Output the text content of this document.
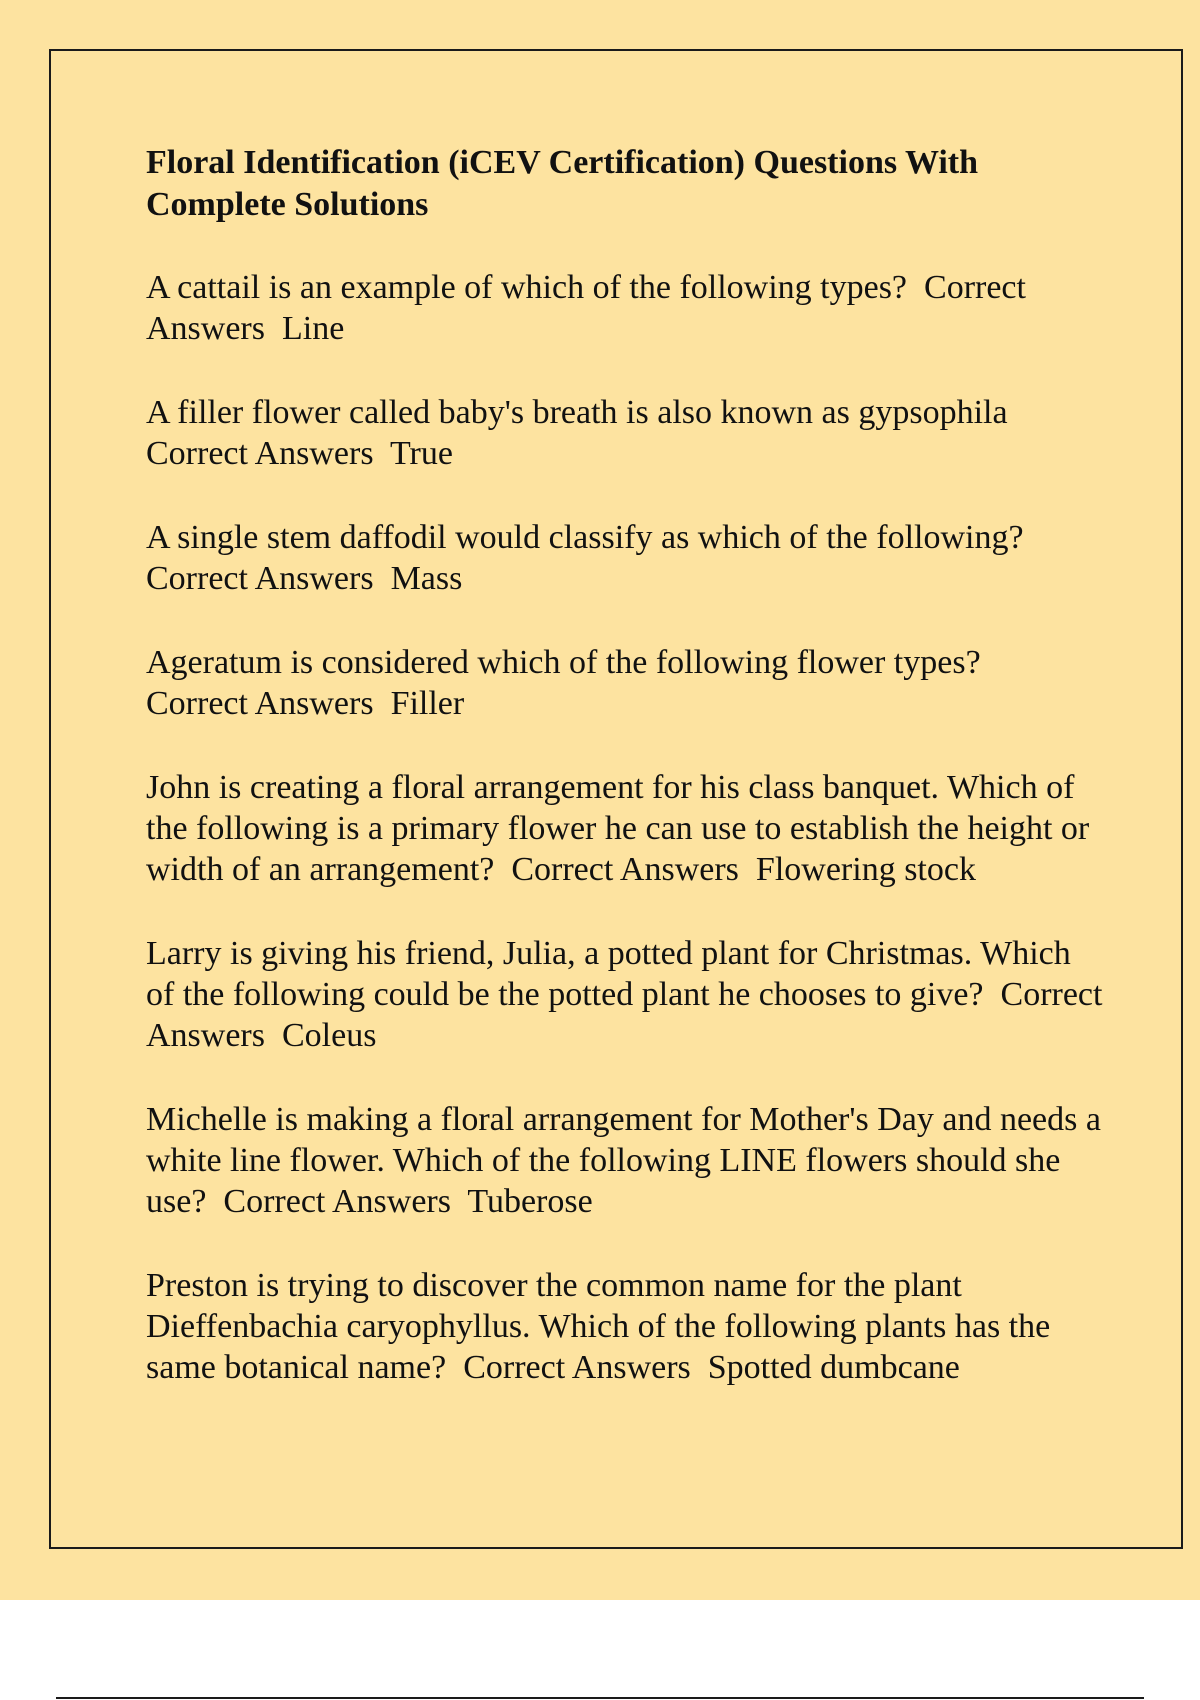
Floral Identification (iCEV Certification) Questions With Complete Solutions
A cattail is an example of which of the following types? Correct Answers Line
A filler flower called baby's breath is also known as gypsophila
Correct Answers True
A single stem daffodil would classify as which of the following?
Correct Answers Mass
Ageratum is considered which of the following flower types?
Correct Answers Filler
John is creating a floral arrangement for his class banquet. Which of the following is a primary flower he can use to establish the height or width of an arrangement? Correct Answers Flowering stock
Larry is giving his friend, Julia, a potted plant for Christmas. Which of the following could be the potted plant he chooses to give? Correct Answers Coleus
Michelle is making a floral arrangement for Mother's Day and needs a white line flower. Which of the following LINE flowers should she use? Correct Answers Tuberose
Preston is trying to discover the common name for the plant Dieffenbachia caryophyllus. Which of the following plants has the same botanical name? Correct Answers Spotted dumbcane
